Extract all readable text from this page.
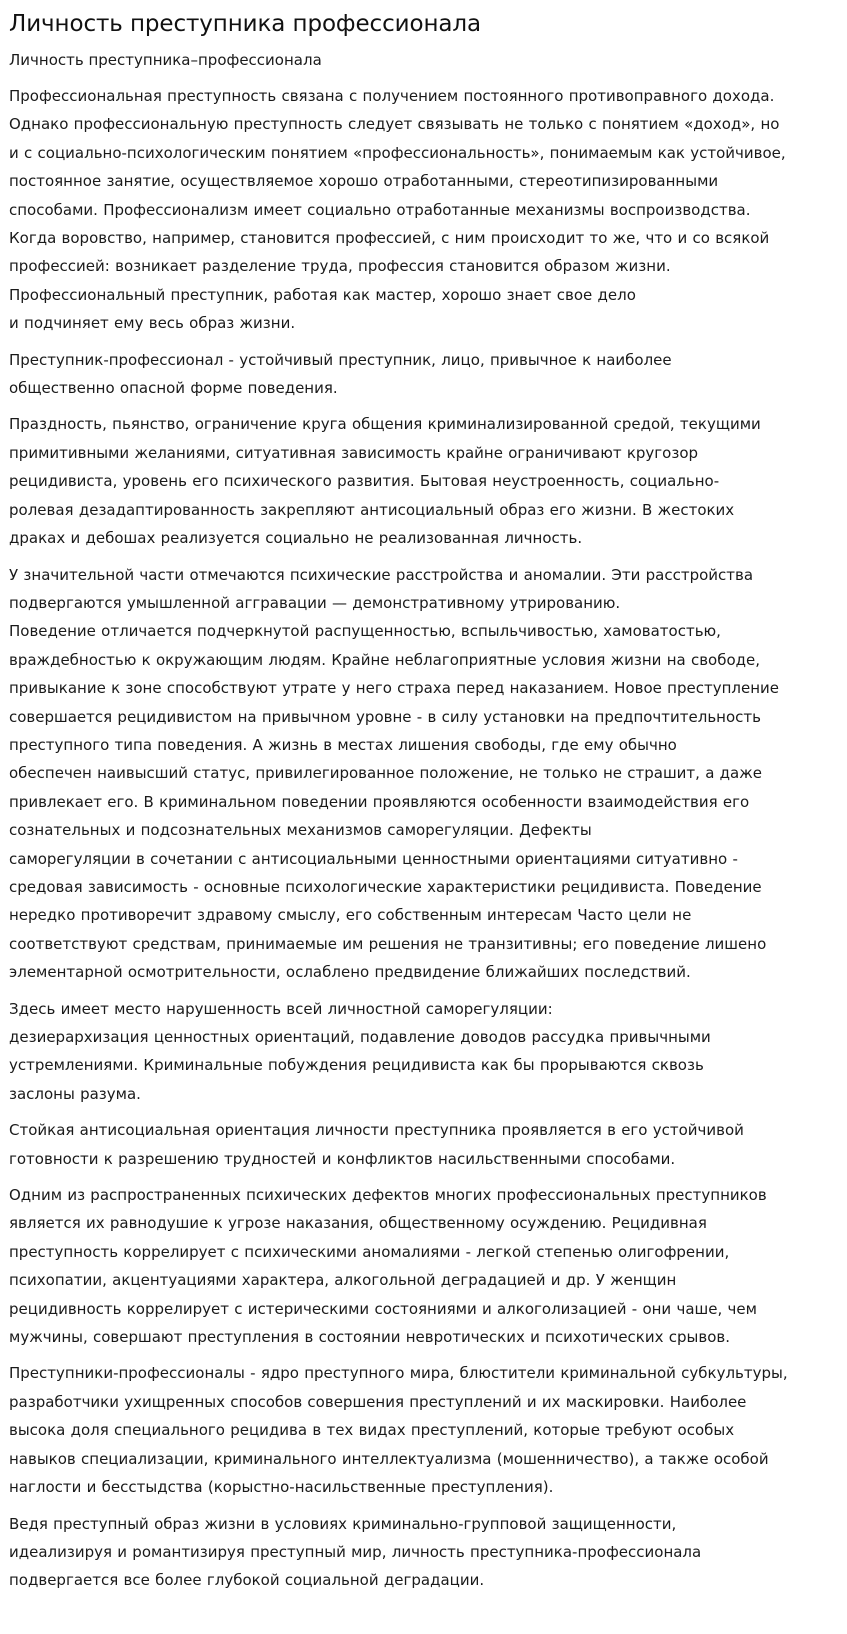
Личность преступника профессионала
Личность преступника–профессионала

Профессиональная преступность связана с получением постоянного противоправного дохода.
Однако профессиональную преступность следует связывать не только с понятием «доход», но
и с социально-психологическим понятием «профессиональность», понимаемым как устойчивое,
постоянное занятие, осуществляемое хорошо отработанными, стереотипизированными
способами. Профессионализм имеет социально отработанные механизмы воспроизводства.
Когда воровство, например, становится профессией, с ним происходит то же, что и со всякой
профессией: возникает разделение труда, профессия становится образом жизни.
Профессиональный преступник, работая как мастер, хорошо знает свое дело
и подчиняет ему весь образ жизни.

Преступник-профессионал - устойчивый преступник, лицо, привычное к наиболее
общественно опасной форме поведения.

Праздность, пьянство, ограничение круга общения криминализированной средой, текущими
примитивными желаниями, ситуативная зависимость крайне ограничивают кругозор
рецидивиста, уровень его психического развития. Бытовая неустроенность, социально-
ролевая дезадаптированность закрепляют антисоциальный образ его жизни. В жестоких
драках и дебошах реализуется социально не реализованная личность.

У значительной части отмечаются психические расстройства и аномалии. Эти расстройства
подвергаются умышленной аггравации — демонстративному утрированию.
Поведение отличается подчеркнутой распущенностью, вспыльчивостью, хамоватостью,
враждебностью к окружающим людям. Крайне неблагоприятные условия жизни на свободе,
привыкание к зоне способствуют утрате у него страха перед наказанием. Новое преступление
совершается рецидивистом на привычном уровне - в силу установки на предпочтительность
преступного типа поведения. А жизнь в местах лишения свободы, где ему обычно
обеспечен наивысший статус, привилегированное положение, не только не страшит, а даже
привлекает его. В криминальном поведении проявляются особенности взаимодействия его
сознательных и подсознательных механизмов саморегуляции. Дефекты
саморегуляции в сочетании с антисоциальными ценностными ориентациями ситуативно -
средовая зависимость - основные психологические характеристики рецидивиста. Поведение
нередко противоречит здравому смыслу, его собственным интересам Часто цели не
соответствуют средствам, принимаемые им решения не транзитивны; его поведение лишено
элементарной осмотрительности, ослаблено предвидение ближайших последствий.

Здесь имеет место нарушенность всей личностной саморегуляции:
дезиерархизация ценностных ориентаций, подавление доводов рассудка привычными
устремлениями. Криминальные побуждения рецидивиста как бы прорываются сквозь
заслоны разума.

Стойкая антисоциальная ориентация личности преступника проявляется в его устойчивой
готовности к разрешению трудностей и конфликтов насильственными способами.

Одним из распространенных психических дефектов многих профессиональных преступников
является их равнодушие к угрозе наказания, общественному осуждению. Рецидивная
преступность коррелирует с психическими аномалиями - легкой степенью олигофрении,
психопатии, акцентуациями характера, алкогольной деградацией и др. У женщин
рецидивность коррелирует с истерическими состояниями и алкоголизацией - они чаше, чем
мужчины, совершают преступления в состоянии невротических и психотических срывов.

Преступники-профессионалы - ядро преступного мира, блюстители криминальной субкультуры,
разработчики ухищренных способов совершения преступлений и их маскировки. Наиболее
высока доля специального рецидива в тех видах преступлений, которые требуют особых
навыков специализации, криминального интеллектуализма (мошенничество), а также особой
наглости и бесстыдства (корыстно-насильственные преступления).

Ведя преступный образ жизни в условиях криминально-групповой защищенности,
идеализируя и романтизируя преступный мир, личность преступника-профессионала
подвергается все более глубокой социальной деградации.
